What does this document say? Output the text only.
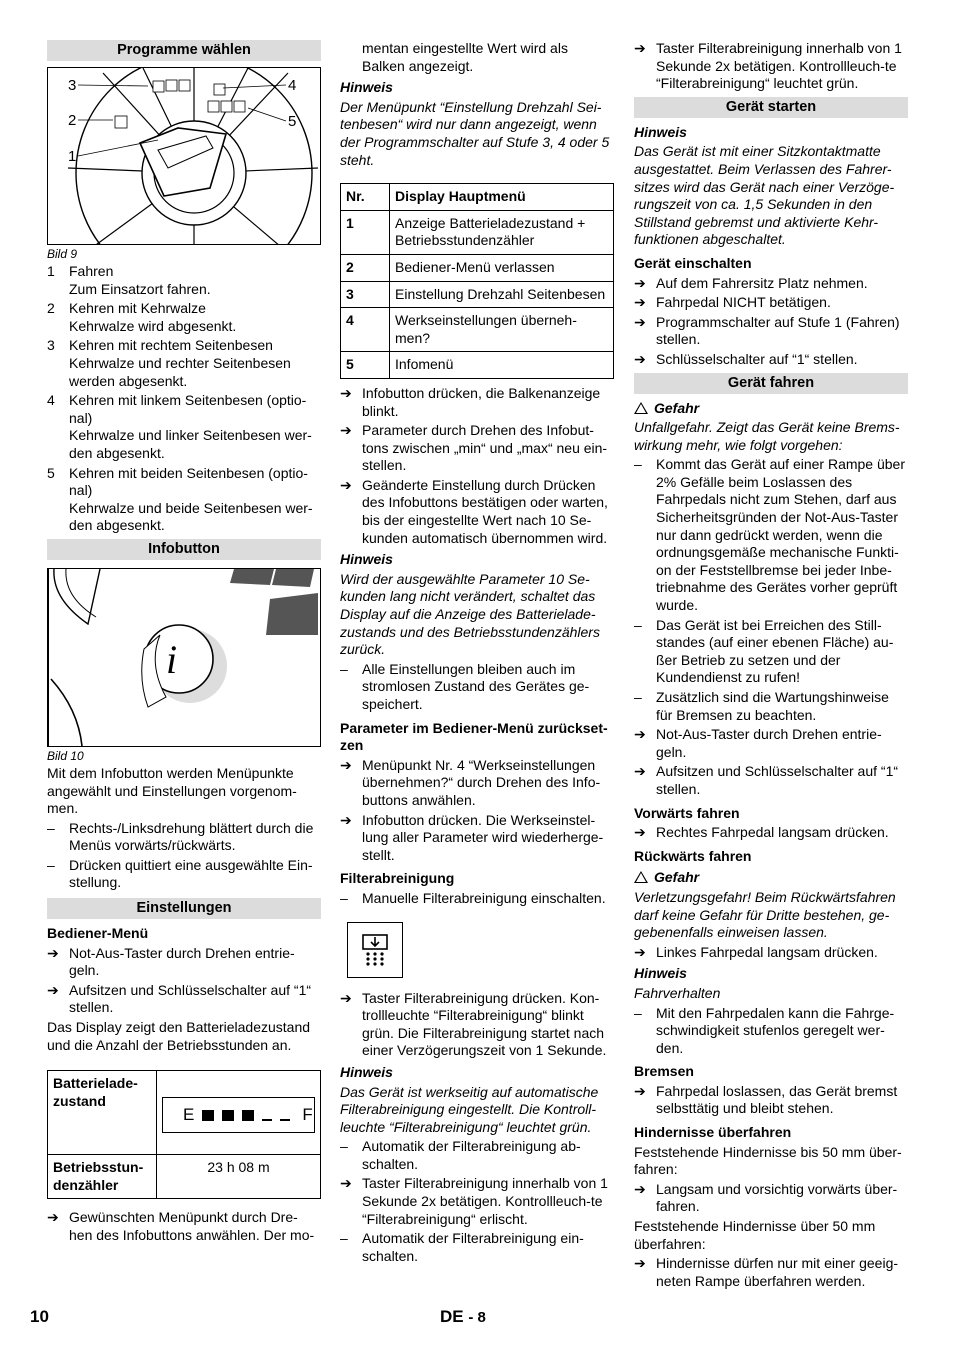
Programme wählen
3
2
1
4
5
Bild 9
1	Fahren
Zum Einsatzort fahren.
2	Kehren mit Kehrwalze
Kehrwalze wird abgesenkt.
3	Kehren mit rechtem Seitenbesen
Kehrwalze und rechter Seitenbesen werden abgesenkt.
4	Kehren mit linkem Seitenbesen (optio-nal)
Kehrwalze und linker Seitenbesen wer-den abgesenkt.
5	Kehren mit beiden Seitenbesen (optio-nal)
Kehrwalze und beide Seitenbesen wer-den abgesenkt.
Infobutton
i
Bild 10

Mit dem Infobutton werden Menüpunkte angewählt und Einstellungen vorgenom-men.

–	Rechts-/Linksdrehung blättert durch die Menüs vorwärts/rückwärts.
–	Drücken quittiert eine ausgewählte Ein-stellung.
Einstellungen

Bediener-Menü

➔ Not-Aus-Taster durch Drehen entrie-geln.
➔ Aufsitzen und Schlüsselschalter auf “1“ stellen.

Das Display zeigt den Batterieladezustand und die Anzahl der Betriebsstunden an.

Batterielade-zustand	E F

Betriebsstun-denzähler	23 h 08 m
➔ Gewünschten Menüpunkt durch Dre-hen des Infobuttons anwählen. Der mo-

mentan eingestellte Wert wird als Balken angezeigt.

Hinweis

Der Menüpunkt “Einstellung Drehzahl Sei-tenbesen“ wird nur dann angezeigt, wenn der Programmschalter auf Stufe 3, 4 oder 5 steht.

Nr.	Display Hauptmenü
1	Anzeige Batterieladezustand + Betriebsstundenzähler
2	Bediener-Menü verlassen
3	Einstellung Drehzahl Seitenbesen
4	Werkseinstellungen überneh-men?
5	Infomenü
➔ Infobutton drücken, die Balkenanzeige blinkt.
➔ Parameter durch Drehen des Infobut-tons zwischen „min“ und „max“ neu ein-stellen.
➔ Geänderte Einstellung durch Drücken des Infobuttons bestätigen oder warten, bis der eingestellte Wert nach 10 Se-kunden automatisch übernommen wird.

Hinweis

Wird der ausgewählte Parameter 10 Se-kunden lang nicht verändert, schaltet das Display auf die Anzeige des Batterielade-zustands und des Betriebsstundenzählers zurück.

–	Alle Einstellungen bleiben auch im stromlosen Zustand des Gerätes ge-speichert.

Parameter im Bediener-Menü zurückset-zen

➔ Menüpunkt Nr. 4 “Werkseinstellungen übernehmen?“ durch Drehen des Info-buttons anwählen.
➔ Infobutton drücken. Die Werkseinstel-lung aller Parameter wird wiederherge-stellt.

Filterabreinigung

–	Manuelle Filterabreinigung einschalten.
➔ Taster Filterabreinigung drücken. Kon-trollleuchte “Filterabreinigung“ blinkt grün. Die Filterabreinigung startet nach einer Verzögerungszeit von 1 Sekunde.

Hinweis

Das Gerät ist werkseitig auf automatische Filterabreinigung eingestellt. Die Kontroll-leuchte “Filterabreinigung“ leuchtet grün.

–	Automatik der Filterabreinigung ab-schalten.
➔ Taster Filterabreinigung innerhalb von 1 Sekunde 2x betätigen. Kontrollleuch-te “Filterabreinigung“ erlischt.
–	Automatik der Filterabreinigung ein-schalten.
➔ Taster Filterabreinigung innerhalb von 1 Sekunde 2x betätigen. Kontrollleuch-te “Filterabreinigung“ leuchtet grün.
Gerät starten

Hinweis

Das Gerät ist mit einer Sitzkontaktmatte ausgestattet. Beim Verlassen des Fahrer-sitzes wird das Gerät nach einer Verzöge-rungszeit von ca. 1,5 Sekunden in den Stillstand gebremst und aktivierte Kehr-funktionen abgeschaltet.

Gerät einschalten

➔ Auf dem Fahrersitz Platz nehmen.
➔ Fahrpedal NICHT betätigen.
➔ Programmschalter auf Stufe 1 (Fahren) stellen.
➔ Schlüsselschalter auf “1“ stellen.
Gerät fahren

Gefahr

Unfallgefahr. Zeigt das Gerät keine Brems-wirkung mehr, wie folgt vorgehen:

–	Kommt das Gerät auf einer Rampe über 2% Gefälle beim Loslassen des Fahrpedals nicht zum Stehen, darf aus Sicherheitsgründen der Not-Aus-Taster nur dann gedrückt werden, wenn die ordnungsgemäße mechanische Funkti-on der Feststellbremse bei jeder Inbe-triebnahme des Gerätes vorher geprüft wurde.
–	Das Gerät ist bei Erreichen des Still-standes (auf einer ebenen Fläche) au-ßer Betrieb zu setzen und der Kundendienst zu rufen!
–	Zusätzlich sind die Wartungshinweise für Bremsen zu beachten.
➔ Not-Aus-Taster durch Drehen entrie-geln.
➔ Aufsitzen und Schlüsselschalter auf “1“ stellen.

Vorwärts fahren

➔ Rechtes Fahrpedal langsam drücken.

Rückwärts fahren

Gefahr

Verletzungsgefahr! Beim Rückwärtsfahren darf keine Gefahr für Dritte bestehen, ge-gebenenfalls einweisen lassen.

➔ Linkes Fahrpedal langsam drücken.

Hinweis

Fahrverhalten

–	Mit den Fahrpedalen kann die Fahrge-schwindigkeit stufenlos geregelt wer-den.

Bremsen

➔ Fahrpedal loslassen, das Gerät bremst selbsttätig und bleibt stehen.

Hindernisse überfahren

Feststehende Hindernisse bis 50 mm über-fahren:

➔ Langsam und vorsichtig vorwärts über-fahren.

Feststehende Hindernisse über 50 mm überfahren:

➔ Hindernisse dürfen nur mit einer geeig-neten Rampe überfahren werden.
10	DE - 8
